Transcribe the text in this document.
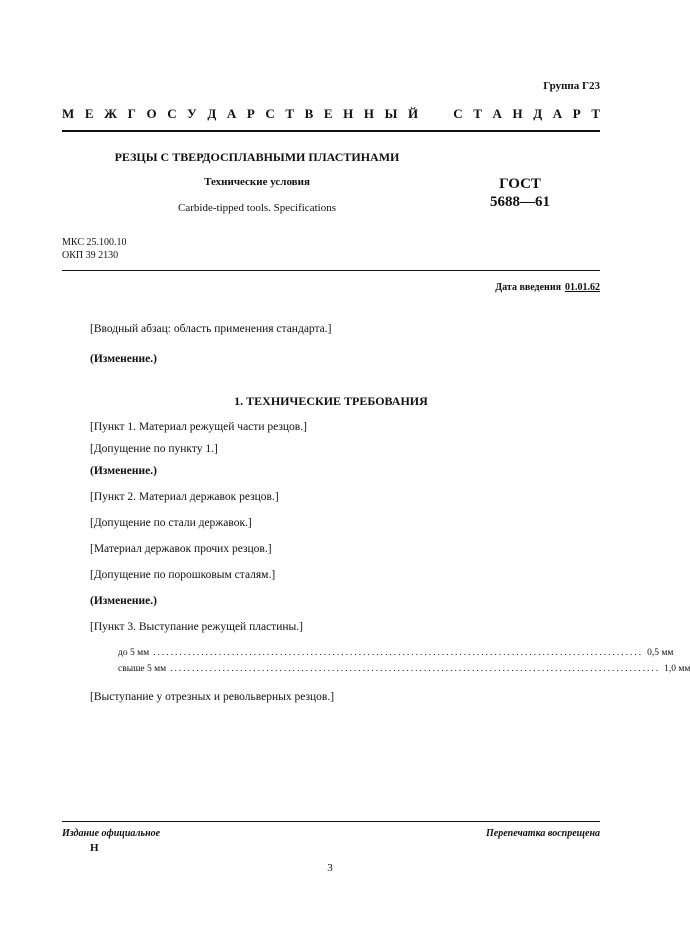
Группа Г23
М Е Ж Г О С У Д А Р С Т В Е Н Н Ы Й	С Т А Н Д А Р Т
РЕЗЦЫ С ТВЕРДОСПЛАВНЫМИ ПЛАСТИНАМИ
Технические условия
Carbide-tipped tools. Specifications
ГОСТ
5688—61
МКС 25.100.10
ОКП 39 2130
Дата введения 01.01.62
[Вводный абзац: область применения стандарта.]
(Изменение.)
1. ТЕХНИЧЕСКИЕ ТРЕБОВАНИЯ
[Пункт 1. Материал режущей части резцов.]
[Допущение по пункту 1.]
(Изменение.)
[Пункт 2. Материал державок резцов.]
[Допущение по стали державок.]
[Материал державок прочих резцов.]
[Допущение по порошковым сталям.]
(Изменение.)
[Пункт 3. Выступание режущей пластины.]
до 5 мм ................................................................................................................ 0,5 мм
свыше 5 мм ................................................................................................................ 1,0 мм
[Выступание у отрезных и револьверных резцов.]
Издание официальное
Н
Перепечатка воспрещена
3
